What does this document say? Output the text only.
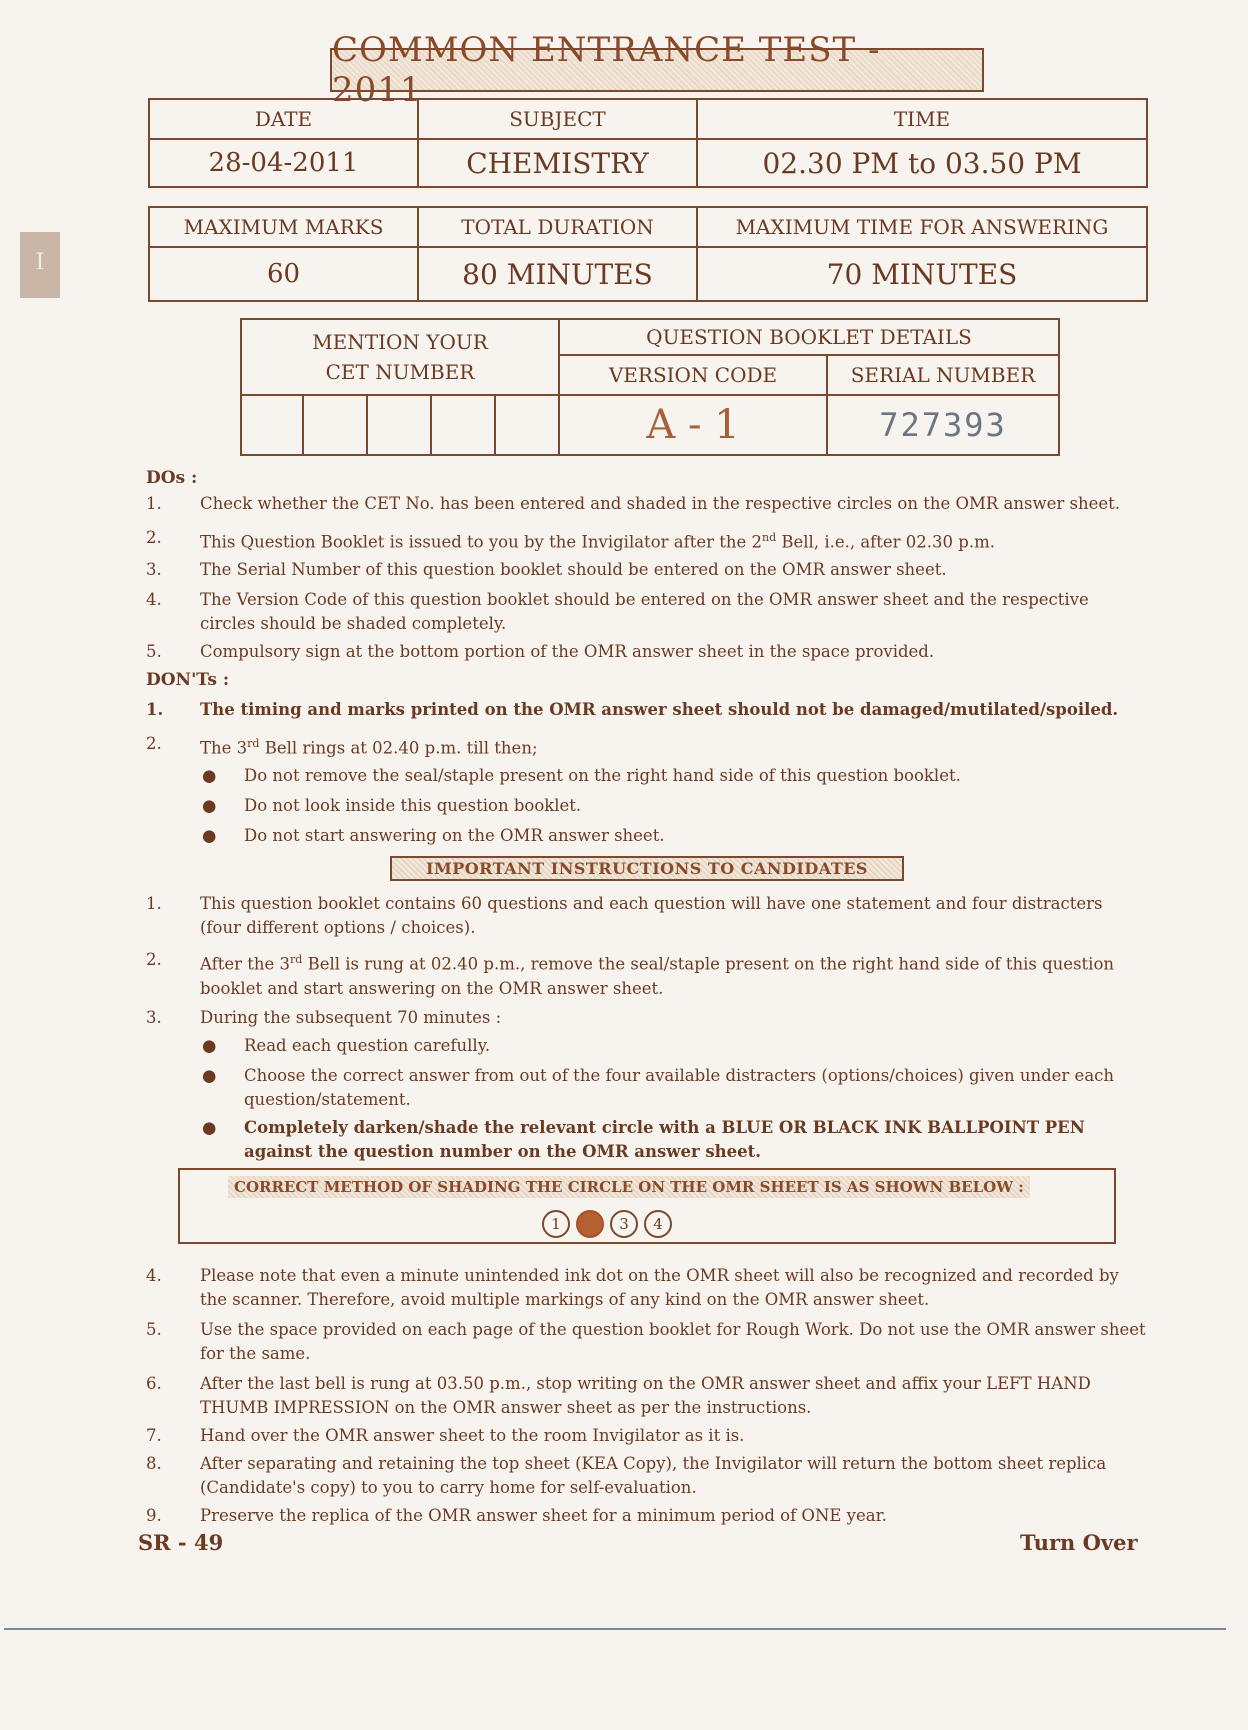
COMMON ENTRANCE TEST - 2011
I
DATE	SUBJECT	TIME
28-04-2011	CHEMISTRY	02.30 PM to 03.50 PM
MAXIMUM MARKS	TOTAL DURATION	MAXIMUM TIME FOR ANSWERING
60	80 MINUTES	70 MINUTES
MENTION YOUR
CET NUMBER					QUESTION BOOKLET DETAILS	
					VERSION CODE	SERIAL NUMBER
					A - 1	727393
DOs :
1. Check whether the CET No. has been entered and shaded in the respective circles on the OMR answer sheet.
2. This Question Booklet is issued to you by the Invigilator after the 2nd Bell, i.e., after 02.30 p.m.
3. The Serial Number of this question booklet should be entered on the OMR answer sheet.
4. The Version Code of this question booklet should be entered on the OMR answer sheet and the respective circles should be shaded completely.
5. Compulsory sign at the bottom portion of the OMR answer sheet in the space provided.
DON'Ts :
1. The timing and marks printed on the OMR answer sheet should not be damaged/mutilated/spoiled.
2. The 3rd Bell rings at 02.40 p.m. till then;
● Do not remove the seal/staple present on the right hand side of this question booklet.
● Do not look inside this question booklet.
● Do not start answering on the OMR answer sheet.
IMPORTANT INSTRUCTIONS TO CANDIDATES
1. This question booklet contains 60 questions and each question will have one statement and four distracters (four different options / choices).
2. After the 3rd Bell is rung at 02.40 p.m., remove the seal/staple present on the right hand side of this question booklet and start answering on the OMR answer sheet.
3. During the subsequent 70 minutes :
● Read each question carefully.
● Choose the correct answer from out of the four available distracters (options/choices) given under each question/statement.
● Completely darken/shade the relevant circle with a BLUE OR BLACK INK BALLPOINT PEN against the question number on the OMR answer sheet.
CORRECT METHOD OF SHADING THE CIRCLE ON THE OMR SHEET IS AS SHOWN BELOW :
1	3	4
4. Please note that even a minute unintended ink dot on the OMR sheet will also be recognized and recorded by the scanner. Therefore, avoid multiple markings of any kind on the OMR answer sheet.
5. Use the space provided on each page of the question booklet for Rough Work. Do not use the OMR answer sheet for the same.
6. After the last bell is rung at 03.50 p.m., stop writing on the OMR answer sheet and affix your LEFT HAND THUMB IMPRESSION on the OMR answer sheet as per the instructions.
7. Hand over the OMR answer sheet to the room Invigilator as it is.
8. After separating and retaining the top sheet (KEA Copy), the Invigilator will return the bottom sheet replica (Candidate's copy) to you to carry home for self-evaluation.
9. Preserve the replica of the OMR answer sheet for a minimum period of ONE year.
SR - 49	Turn Over
